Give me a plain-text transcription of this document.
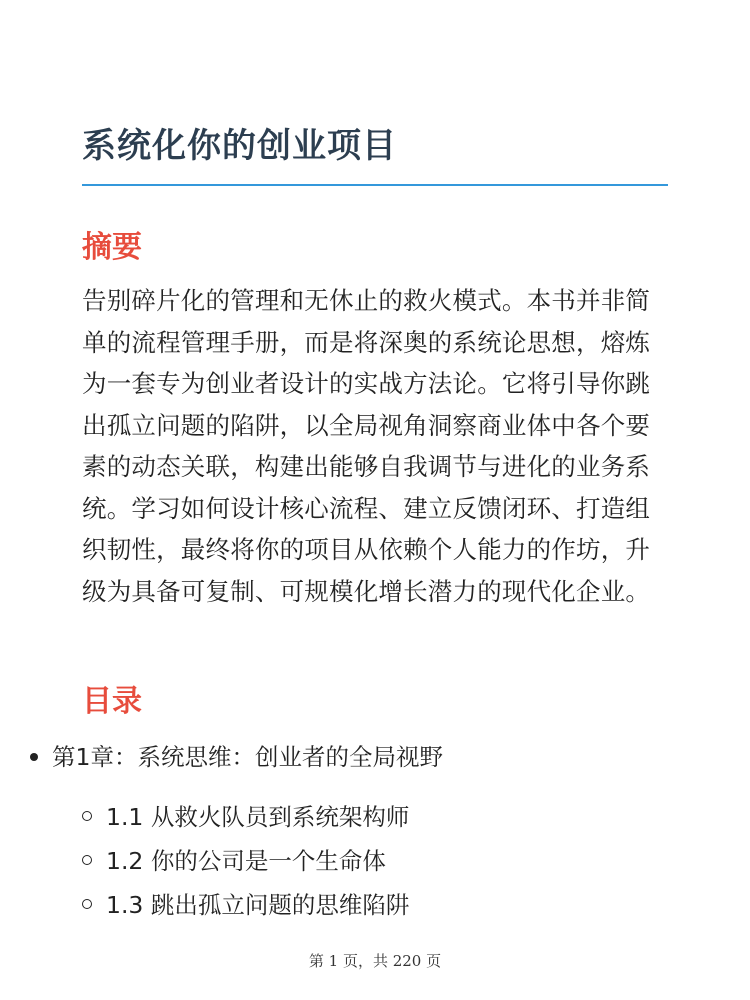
系统化你的创业项目
摘要

告别碎片化的管理和无休止的救火模式。本书并非简单的流程管理手册，而是将深奥的系统论思想，熔炼为一套专为创业者设计的实战方法论。它将引导你跳出孤立问题的陷阱，以全局视角洞察商业体中各个要素的动态关联，构建出能够自我调节与进化的业务系统。学习如何设计核心流程、建立反馈闭环、打造组织韧性，最终将你的项目从依赖个人能力的作坊，升级为具备可复制、可规模化增长潜力的现代化企业。

目录
第1章：系统思维：创业者的全局视野
1.1 从救火队员到系统架构师
1.2 你的公司是一个生命体
1.3 跳出孤立问题的思维陷阱
第 1 页，共 220 页
